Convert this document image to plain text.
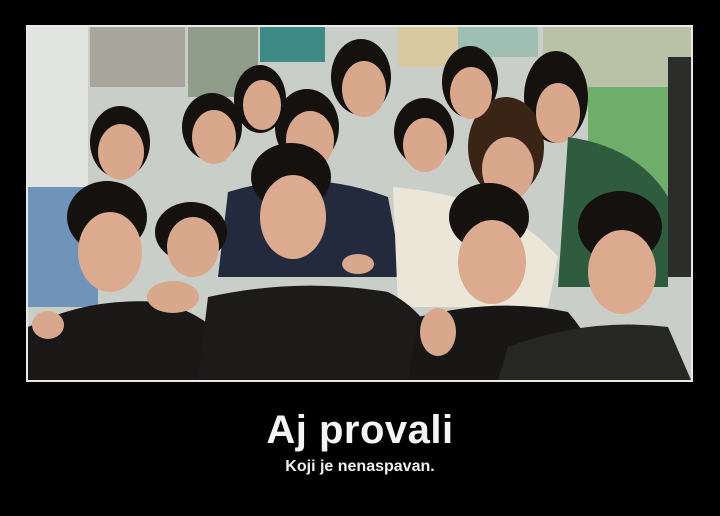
Aj provali
Koji je nenaspavan.
